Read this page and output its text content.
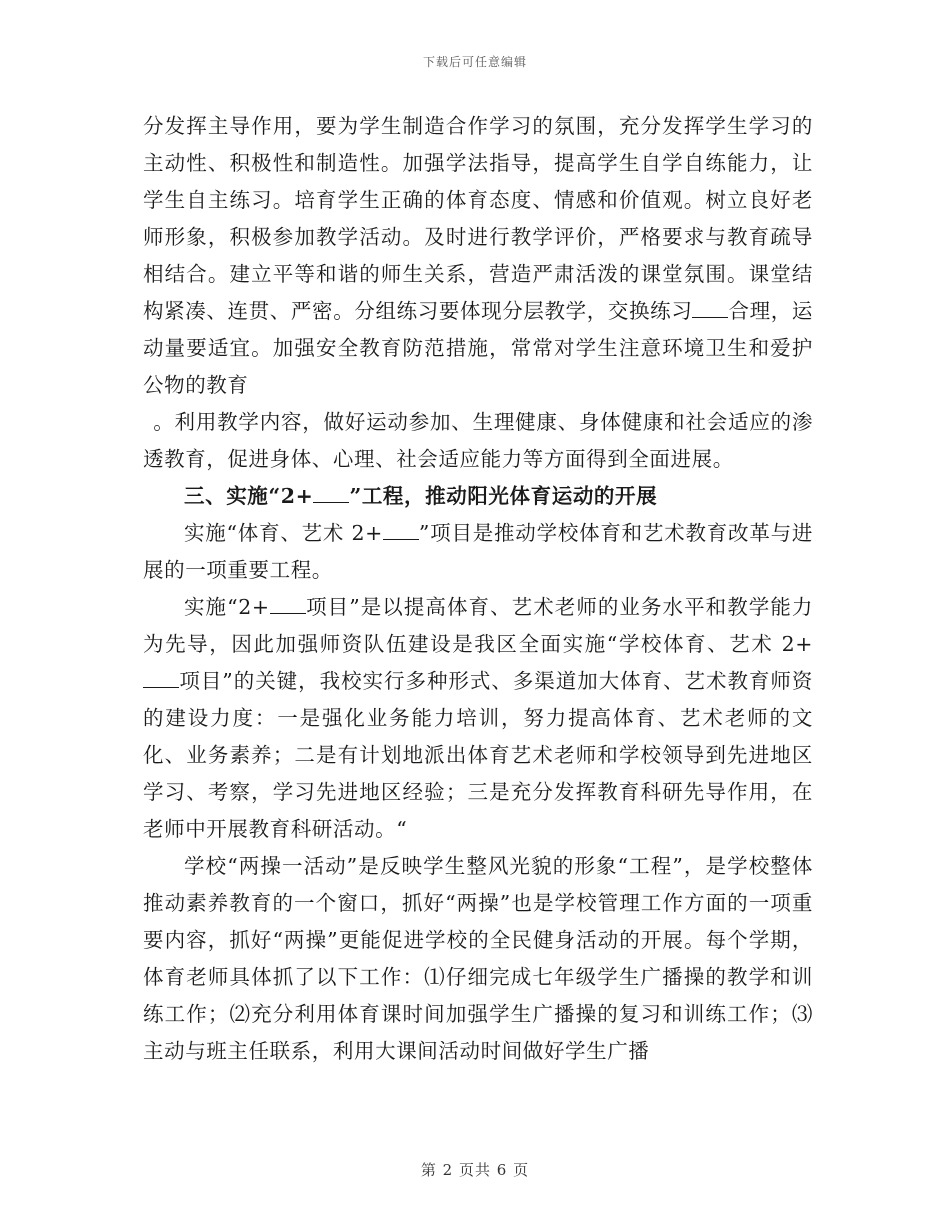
下载后可任意编辑

分发挥主导作用，要为学生制造合作学习的氛围，充分发挥学生学习的主动性、积极性和制造性。加强学法指导，提高学生自学自练能力，让学生自主练习。培育学生正确的体育态度、情感和价值观。树立良好老师形象，积极参加教学活动。及时进行教学评价，严格要求与教育疏导相结合。建立平等和谐的师生关系，营造严肃活泼的课堂氛围。课堂结构紧凑、连贯、严密。分组练习要体现分层教学，交换练习 合理，运动量要适宜。加强安全教育防范措施，常常对学生注意环境卫生和爱护公物的教育

。利用教学内容，做好运动参加、生理健康、身体健康和社会适应的渗透教育，促进身体、心理、社会适应能力等方面得到全面进展。

三、实施“2+ ”工程，推动阳光体育运动的开展

实施“体育、艺术 2+ ”项目是推动学校体育和艺术教育改革与进展的一项重要工程。

实施“2+ 项目”是以提高体育、艺术老师的业务水平和教学能力为先导，因此加强师资队伍建设是我区全面实施“学校体育、艺术 2+项目”的关键，我校实行多种形式、多渠道加大体育、艺术教育师资的建设力度：一是强化业务能力培训，努力提高体育、艺术老师的文化、业务素养；二是有计划地派出体育艺术老师和学校领导到先进地区学习、考察，学习先进地区经验；三是充分发挥教育科研先导作用，在老师中开展教育科研活动。“

学校“两操一活动”是反映学生整风光貌的形象“工程”，是学校整体推动素养教育的一个窗口，抓好“两操”也是学校管理工作方面的一项重要内容，抓好“两操”更能促进学校的全民健身活动的开展。每个学期，体育老师具体抓了以下工作：⑴仔细完成七年级学生广播操的教学和训练工作；⑵充分利用体育课时间加强学生广播操的复习和训练工作；⑶主动与班主任联系，利用大课间活动时间做好学生广播

第 2 页共 6 页
